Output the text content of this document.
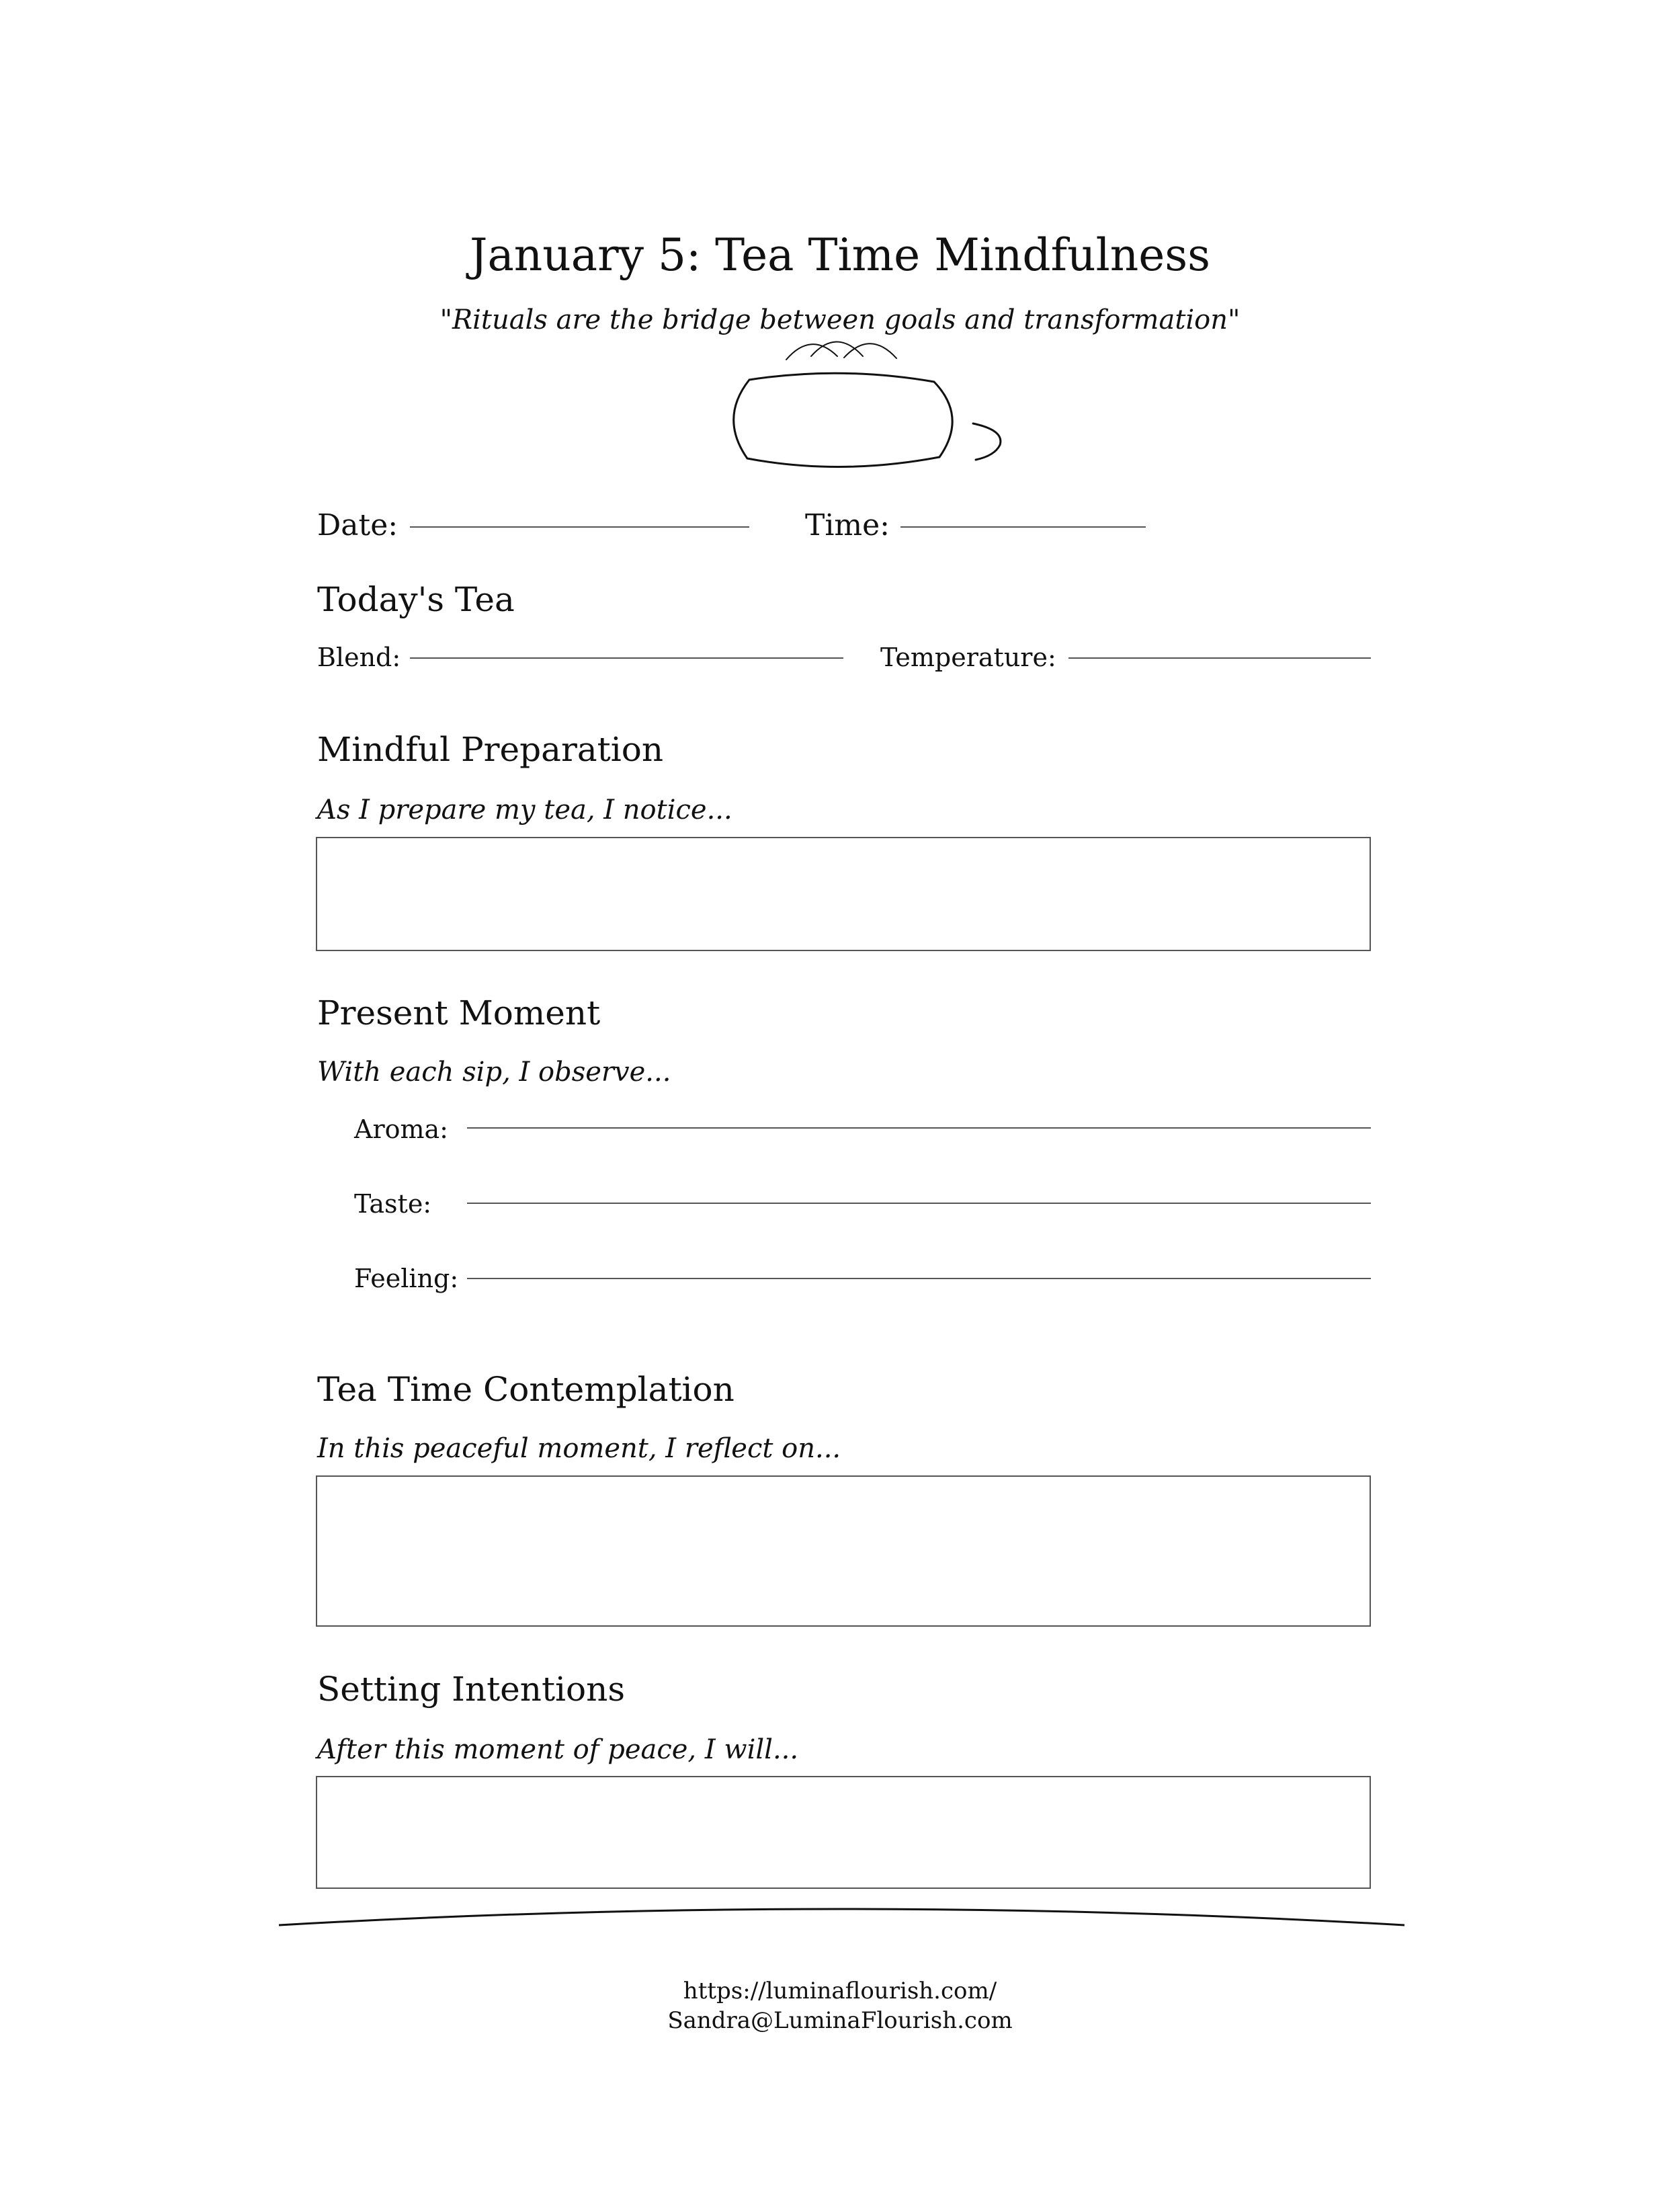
January 5: Tea Time Mindfulness
"Rituals are the bridge between goals and transformation"
Date:	Time:
Today's Tea
Blend:	Temperature:
Mindful Preparation
As I prepare my tea, I notice...
Present Moment
With each sip, I observe...
Aroma:
Taste:
Feeling:
Tea Time Contemplation
In this peaceful moment, I reflect on...
Setting Intentions
After this moment of peace, I will...
https://luminaflourish.com/
Sandra@LuminaFlourish.com
